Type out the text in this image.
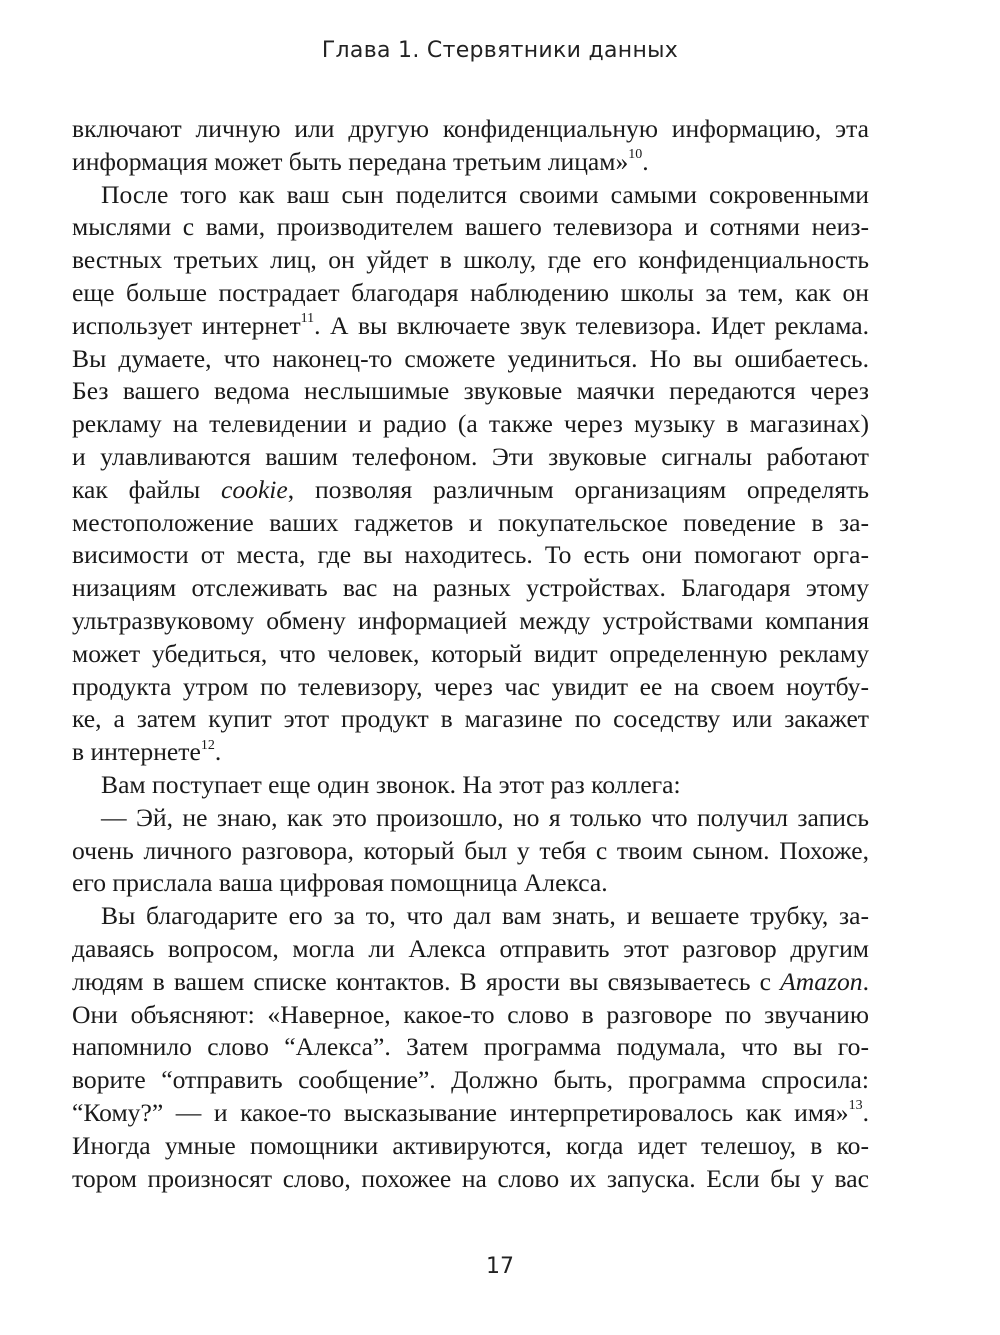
Глава 1. Стервятники данных
включают личную или другую конфиденциальную информацию, эта
информация может быть передана третьим лицам»$^{10}$.
После того как ваш сын поделится своими самыми сокровенными
мыслями с вами, производителем вашего телевизора и сотнями неиз-
вестных третьих лиц, он уйдет в школу, где его конфиденциальность
еще больше пострадает благодаря наблюдению школы за тем, как он
использует интернет$^{11}$. А вы включаете звук телевизора. Идет реклама.
Вы думаете, что наконец-то сможете уединиться. Но вы ошибаетесь.
Без вашего ведома неслышимые звуковые маячки передаются через
рекламу на телевидении и радио (а также через музыку в магазинах)
и улавливаются вашим телефоном. Эти звуковые сигналы работают
как файлы cookie, позволяя различным организациям определять
местоположение ваших гаджетов и покупательское поведение в за-
висимости от места, где вы находитесь. То есть они помогают орга-
низациям отслеживать вас на разных устройствах. Благодаря этому
ультразвуковому обмену информацией между устройствами компания
может убедиться, что человек, который видит определенную рекламу
продукта утром по телевизору, через час увидит ее на своем ноутбу-
ке, а затем купит этот продукт в магазине по соседству или закажет
в интернете$^{12}$.
Вам поступает еще один звонок. На этот раз коллега:
— Эй, не знаю, как это произошло, но я только что получил запись
очень личного разговора, который был у тебя с твоим сыном. Похоже,
его прислала ваша цифровая помощница Алекса.
Вы благодарите его за то, что дал вам знать, и вешаете трубку, за-
даваясь вопросом, могла ли Алекса отправить этот разговор другим
людям в вашем списке контактов. В ярости вы связываетесь с Amazon.
Они объясняют: «Наверное, какое-то слово в разговоре по звучанию
напомнило слово “Алекса”. Затем программа подумала, что вы го-
ворите “отправить сообщение”. Должно быть, программа спросила:
“Кому?” — и какое-то высказывание интерпретировалось как имя»$^{13}$.
Иногда умные помощники активируются, когда идет телешоу, в ко-
тором произносят слово, похожее на слово их запуска. Если бы у вас
17
